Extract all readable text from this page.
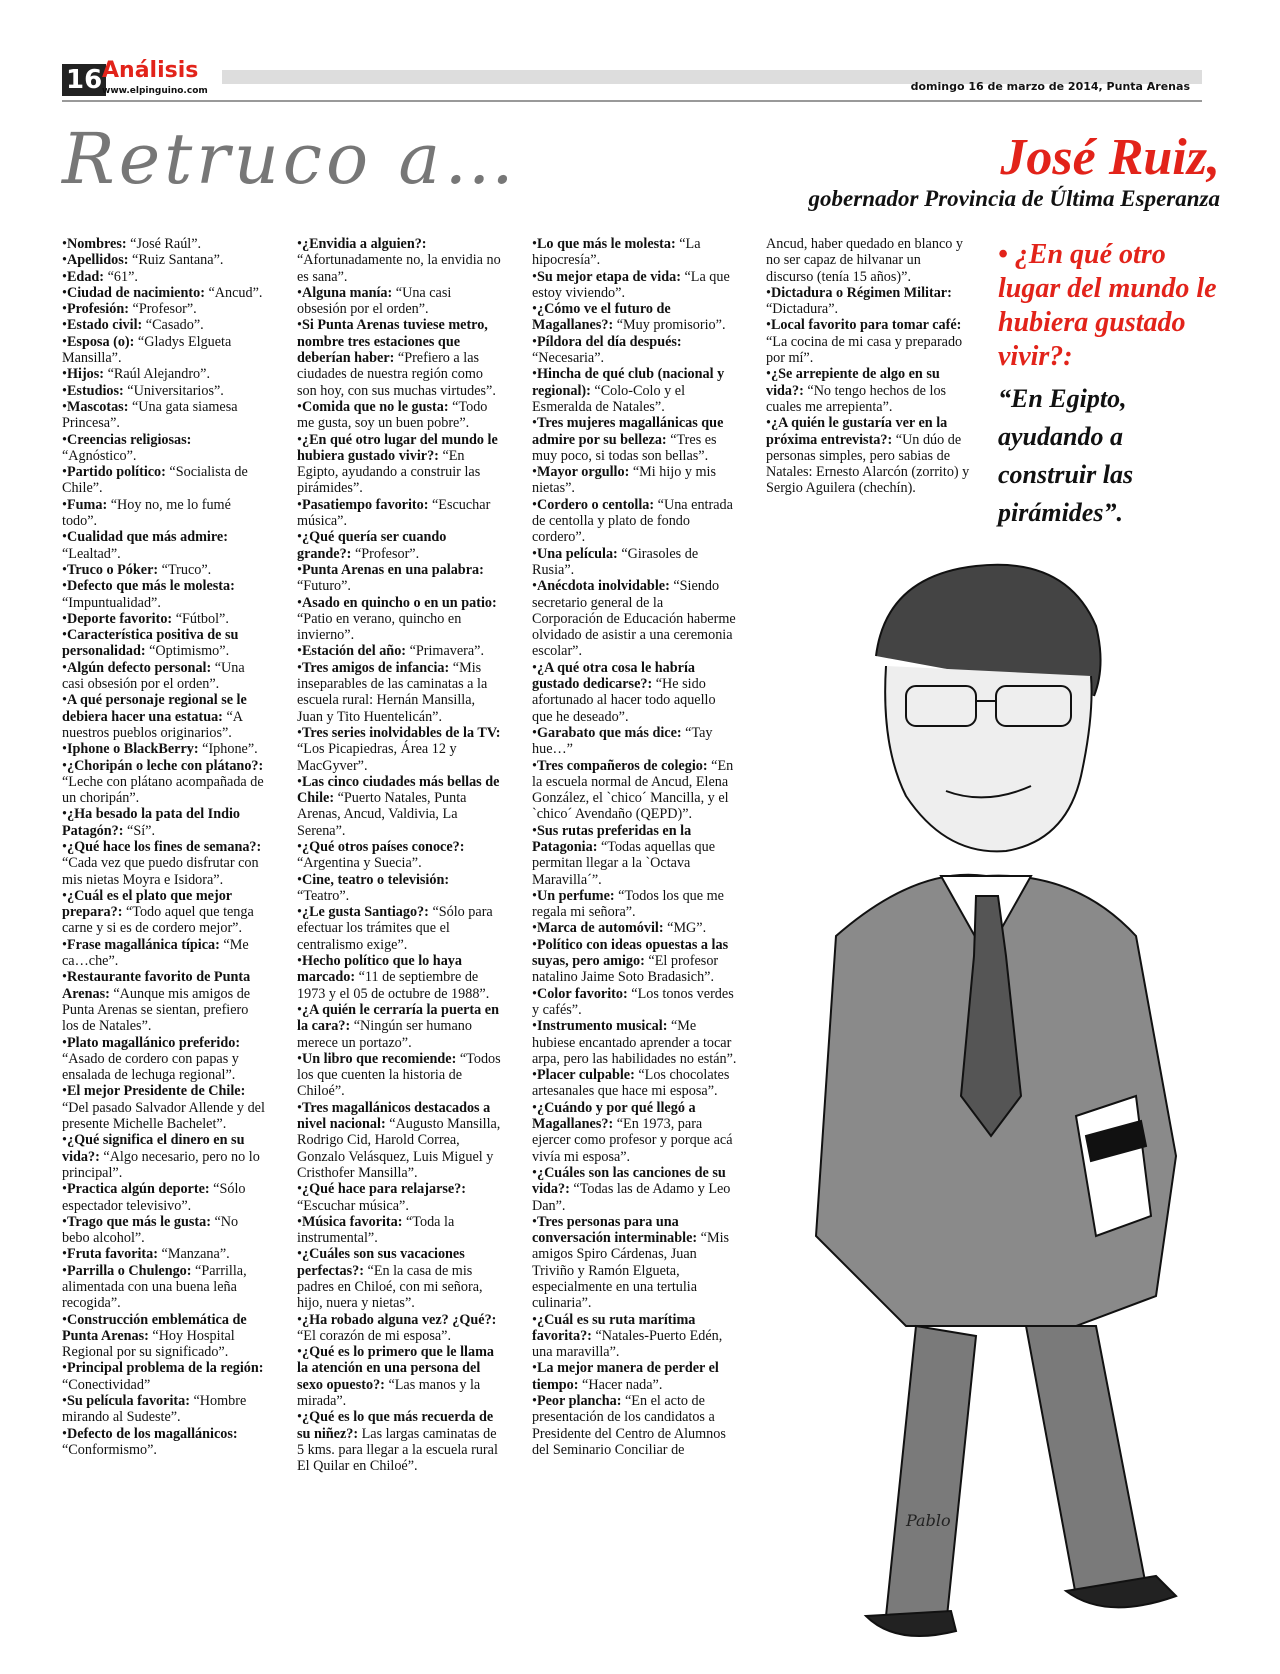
16 Análisis
www.elpinguino.com	domingo 16 de marzo de 2014, Punta Arenas
Retruco a…	José Ruiz,
gobernador Provincia de Última Esperanza

•Nombres: “José Raúl”.

•Apellidos: “Ruiz Santana”.

•Edad: “61”.

•Ciudad de nacimiento: “Ancud”.

•Profesión: “Profesor”.

•Estado civil: “Casado”.

•Esposa (o): “Gladys Elgueta Mansilla”.

•Hijos: “Raúl Alejandro”.

•Estudios: “Universitarios”.

•Mascotas: “Una gata siamesa Princesa”.

•Creencias religiosas: “Agnóstico”.

•Partido político: “Socialista de Chile”.

•Fuma: “Hoy no, me lo fumé todo”.

•Cualidad que más admire: “Lealtad”.

•Truco o Póker: “Truco”.

•Defecto que más le molesta: “Impuntualidad”.

•Deporte favorito: “Fútbol”.

•Característica positiva de su personalidad: “Optimismo”.

•Algún defecto personal: “Una casi obsesión por el orden”.

•A qué personaje regional se le debiera hacer una estatua: “A nuestros pueblos originarios”.

•Iphone o BlackBerry: “Iphone”.

•¿Choripán o leche con plátano?: “Leche con plátano acompañada de un choripán”.

•¿Ha besado la pata del Indio Patagón?: “Sí”.

•¿Qué hace los fines de semana?: “Cada vez que puedo disfrutar con mis nietas Moyra e Isidora”.

•¿Cuál es el plato que mejor prepara?: “Todo aquel que tenga carne y si es de cordero mejor”.

•Frase magallánica típica: “Me ca…che”.

•Restaurante favorito de Punta Arenas: “Aunque mis amigos de Punta Arenas se sientan, prefiero los de Natales”.

•Plato magallánico preferido: “Asado de cordero con papas y ensalada de lechuga regional”.

•El mejor Presidente de Chile: “Del pasado Salvador Allende y del presente Michelle Bachelet”.

•¿Qué significa el dinero en su vida?: “Algo necesario, pero no lo principal”.

•Practica algún deporte: “Sólo espectador televisivo”.

•Trago que más le gusta: “No bebo alcohol”.

•Fruta favorita: “Manzana”.

•Parrilla o Chulengo: “Parrilla, alimentada con una buena leña recogida”.

•Construcción emblemática de Punta Arenas: “Hoy Hospital Regional por su significado”.

•Principal problema de la región: “Conectividad”

•Su película favorita: “Hombre mirando al Sudeste”.

•Defecto de los magallánicos: “Conformismo”.

•¿Envidia a alguien?: “Afortunadamente no, la envidia no es sana”.

•Alguna manía: “Una casi obsesión por el orden”.

•Si Punta Arenas tuviese metro, nombre tres estaciones que deberían haber: “Prefiero a las ciudades de nuestra región como son hoy, con sus muchas virtudes”.

•Comida que no le gusta: “Todo me gusta, soy un buen pobre”.

•¿En qué otro lugar del mundo le hubiera gustado vivir?: “En Egipto, ayudando a construir las pirámides”.

•Pasatiempo favorito: “Escuchar música”.

•¿Qué quería ser cuando grande?: “Profesor”.

•Punta Arenas en una palabra: “Futuro”.

•Asado en quincho o en un patio: “Patio en verano, quincho en invierno”.

•Estación del año: “Primavera”.

•Tres amigos de infancia: “Mis inseparables de las caminatas a la escuela rural: Hernán Mansilla, Juan y Tito Huentelicán”.

•Tres series inolvidables de la TV: “Los Picapiedras, Área 12 y MacGyver”.

•Las cinco ciudades más bellas de Chile: “Puerto Natales, Punta Arenas, Ancud, Valdivia, La Serena”.

•¿Qué otros países conoce?: “Argentina y Suecia”.

•Cine, teatro o televisión: “Teatro”.

•¿Le gusta Santiago?: “Sólo para efectuar los trámites que el centralismo exige”.

•Hecho político que lo haya marcado: “11 de septiembre de 1973 y el 05 de octubre de 1988”.

•¿A quién le cerraría la puerta en la cara?: “Ningún ser humano merece un portazo”.

•Un libro que recomiende: “Todos los que cuenten la historia de Chiloé”.

•Tres magallánicos destacados a nivel nacional: “Augusto Mansilla, Rodrigo Cid, Harold Correa, Gonzalo Velásquez, Luis Miguel y Cristhofer Mansilla”.

•¿Qué hace para relajarse?: “Escuchar música”.

•Música favorita: “Toda la instrumental”.

•¿Cuáles son sus vacaciones perfectas?: “En la casa de mis padres en Chiloé, con mi señora, hijo, nuera y nietas”.

•¿Ha robado alguna vez? ¿Qué?: “El corazón de mi esposa”.

•¿Qué es lo primero que le llama la atención en una persona del sexo opuesto?: “Las manos y la mirada”.

•¿Qué es lo que más recuerda de su niñez?: Las largas caminatas de 5 kms. para llegar a la escuela rural El Quilar en Chiloé”.

•Lo que más le molesta: “La hipocresía”.

•Su mejor etapa de vida: “La que estoy viviendo”.

•¿Cómo ve el futuro de Magallanes?: “Muy promisorio”.

•Píldora del día después: “Necesaria”.

•Hincha de qué club (nacional y regional): “Colo-Colo y el Esmeralda de Natales”.

•Tres mujeres magallánicas que admire por su belleza: “Tres es muy poco, si todas son bellas”.

•Mayor orgullo: “Mi hijo y mis nietas”.

•Cordero o centolla: “Una entrada de centolla y plato de fondo cordero”.

•Una película: “Girasoles de Rusia”.

•Anécdota inolvidable: “Siendo secretario general de la Corporación de Educación haberme olvidado de asistir a una ceremonia escolar”.

•¿A qué otra cosa le habría gustado dedicarse?: “He sido afortunado al hacer todo aquello que he deseado”.

•Garabato que más dice: “Tay hue…”

•Tres compañeros de colegio: “En la escuela normal de Ancud, Elena González, el `chico´ Mancilla, y el `chico´ Avendaño (QEPD)”.

•Sus rutas preferidas en la Patagonia: “Todas aquellas que permitan llegar a la `Octava Maravilla´”.

•Un perfume: “Todos los que me regala mi señora”.

•Marca de automóvil: “MG”.

•Político con ideas opuestas a las suyas, pero amigo: “El profesor natalino Jaime Soto Bradasich”.

•Color favorito: “Los tonos verdes y cafés”.

•Instrumento musical: “Me hubiese encantado aprender a tocar arpa, pero las habilidades no están”.

•Placer culpable: “Los chocolates artesanales que hace mi esposa”.

•¿Cuándo y por qué llegó a Magallanes?: “En 1973, para ejercer como profesor y porque acá vivía mi esposa”.

•¿Cuáles son las canciones de su vida?: “Todas las de Adamo y Leo Dan”.

•Tres personas para una conversación interminable: “Mis amigos Spiro Cárdenas, Juan Triviño y Ramón Elgueta, especialmente en una tertulia culinaria”.

•¿Cuál es su ruta marítima favorita?: “Natales-Puerto Edén, una maravilla”.

•La mejor manera de perder el tiempo: “Hacer nada”.

•Peor plancha: “En el acto de presentación de los candidatos a Presidente del Centro de Alumnos del Seminario Conciliar de

Ancud, haber quedado en blanco y no ser capaz de hilvanar un discurso (tenía 15 años)”.

•Dictadura o Régimen Militar: “Dictadura”.

•Local favorito para tomar café: “La cocina de mi casa y preparado por mí”.

•¿Se arrepiente de algo en su vida?: “No tengo hechos de los cuales me arrepienta”.

•¿A quién le gustaría ver en la próxima entrevista?: “Un dúo de personas simples, pero sabias de Natales: Ernesto Alarcón (zorrito) y Sergio Aguilera (chechín).

• ¿En qué otro lugar del mundo le hubiera gustado vivir?:
“En Egipto, ayudando a construir las pirámides”.
Pablo
